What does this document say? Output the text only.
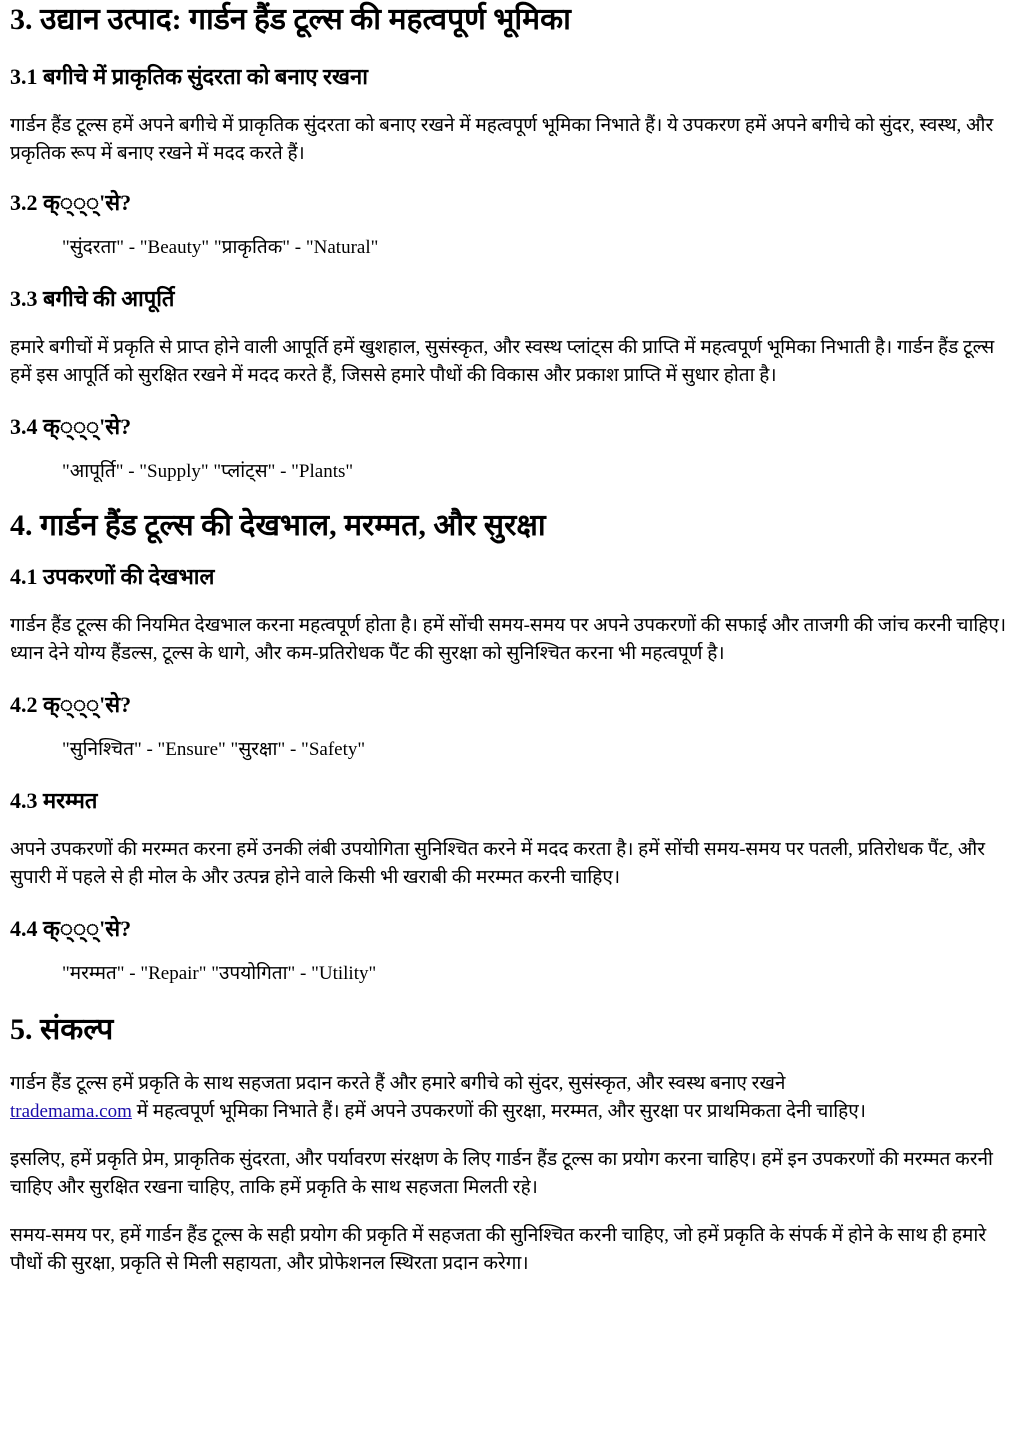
3. उद्यान उत्पाद: गार्डन हैंड टूल्स की महत्वपूर्ण भूमिका
3.1 बगीचे में प्राकृतिक सुंदरता को बनाए रखना

गार्डन हैंड टूल्स हमें अपने बगीचे में प्राकृतिक सुंदरता को बनाए रखने में महत्वपूर्ण भूमिका निभाते हैं। ये उपकरण हमें अपने बगीचे को सुंदर, स्वस्थ, और प्रकृतिक रूप में बनाए रखने में मदद करते हैं।

3.2 क््््'से?

"सुंदरता" - "Beauty" "प्राकृतिक" - "Natural"

3.3 बगीचे की आपूर्ति

हमारे बगीचों में प्रकृति से प्राप्त होने वाली आपूर्ति हमें खुशहाल, सुसंस्कृत, और स्वस्थ प्लांट्स की प्राप्ति में महत्वपूर्ण भूमिका निभाती है। गार्डन हैंड टूल्स हमें इस आपूर्ति को सुरक्षित रखने में मदद करते हैं, जिससे हमारे पौधों की विकास और प्रकाश प्राप्ति में सुधार होता है।

3.4 क््््'से?

"आपूर्ति" - "Supply" "प्लांट्स" - "Plants"

4. गार्डन हैंड टूल्स की देखभाल, मरम्मत, और सुरक्षा
4.1 उपकरणों की देखभाल

गार्डन हैंड टूल्स की नियमित देखभाल करना महत्वपूर्ण होता है। हमें सोंची समय-समय पर अपने उपकरणों की सफाई और ताजगी की जांच करनी चाहिए। ध्यान देने योग्य हैंडल्स, टूल्स के धागे, और कम-प्रतिरोधक पैंट की सुरक्षा को सुनिश्चित करना भी महत्वपूर्ण है।

4.2 क््््'से?

"सुनिश्चित" - "Ensure" "सुरक्षा" - "Safety"

4.3 मरम्मत

अपने उपकरणों की मरम्मत करना हमें उनकी लंबी उपयोगिता सुनिश्चित करने में मदद करता है। हमें सोंची समय-समय पर पतली, प्रतिरोधक पैंट, और सुपारी में पहले से ही मोल के और उत्पन्न होने वाले किसी भी खराबी की मरम्मत करनी चाहिए।

4.4 क््््'से?

"मरम्मत" - "Repair" "उपयोगिता" - "Utility"

5. संकल्प

गार्डन हैंड टूल्स हमें प्रकृति के साथ सहजता प्रदान करते हैं और हमारे बगीचे को सुंदर, सुसंस्कृत, और स्वस्थ बनाए रखने
trademama.com में महत्वपूर्ण भूमिका निभाते हैं। हमें अपने उपकरणों की सुरक्षा, मरम्मत, और सुरक्षा पर प्राथमिकता देनी चाहिए।

इसलिए, हमें प्रकृति प्रेम, प्राकृतिक सुंदरता, और पर्यावरण संरक्षण के लिए गार्डन हैंड टूल्स का प्रयोग करना चाहिए। हमें इन उपकरणों की मरम्मत करनी चाहिए और सुरक्षित रखना चाहिए, ताकि हमें प्रकृति के साथ सहजता मिलती रहे।

समय-समय पर, हमें गार्डन हैंड टूल्स के सही प्रयोग की प्रकृति में सहजता की सुनिश्चित करनी चाहिए, जो हमें प्रकृति के संपर्क में होने के साथ ही हमारे पौधों की सुरक्षा, प्रकृति से मिली सहायता, और प्रोफेशनल स्थिरता प्रदान करेगा।
